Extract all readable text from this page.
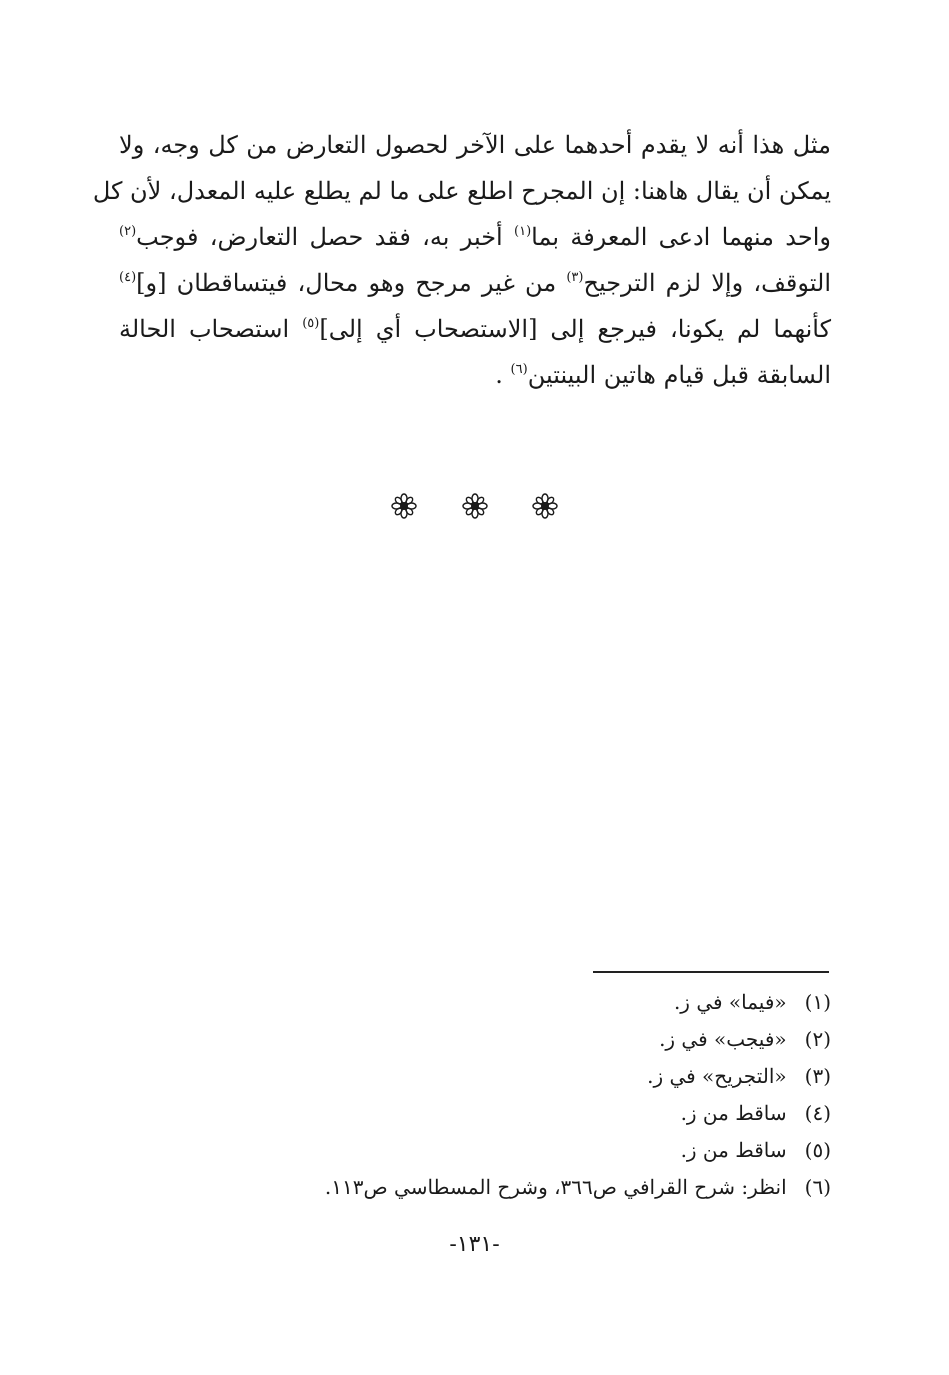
مثل هذا أنه لا يقدم أحدهما على الآخر لحصول التعارض من كل وجه، ولا
يمكن أن يقال هاهنا: إن المجرح اطلع على ما لم يطلع عليه المعدل، لأن كل
واحد منهما ادعى المعرفة بما$^{(١)}$ أخبر به، فقد حصل التعارض، فوجب$^{(٢)}$
التوقف، وإلا لزم الترجيح$^{(٣)}$ من غير مرجح وهو محال، فيتساقطان [و]$^{(٤)}$
كأنهما لم يكونا، فيرجع إلى [الاستصحاب أي إلى]$^{(٥)}$ استصحاب الحالة
السابقة قبل قيام هاتين البينتين$^{(٦)}$ .

(١) «فيما» في ز.
(٢) «فيجب» في ز.
(٣) «التجريح» في ز.
(٤) ساقط من ز.
(٥) ساقط من ز.
(٦) انظر: شرح القرافي ص٣٦٦، وشرح المسطاسي ص١١٣.
-١٣١-
